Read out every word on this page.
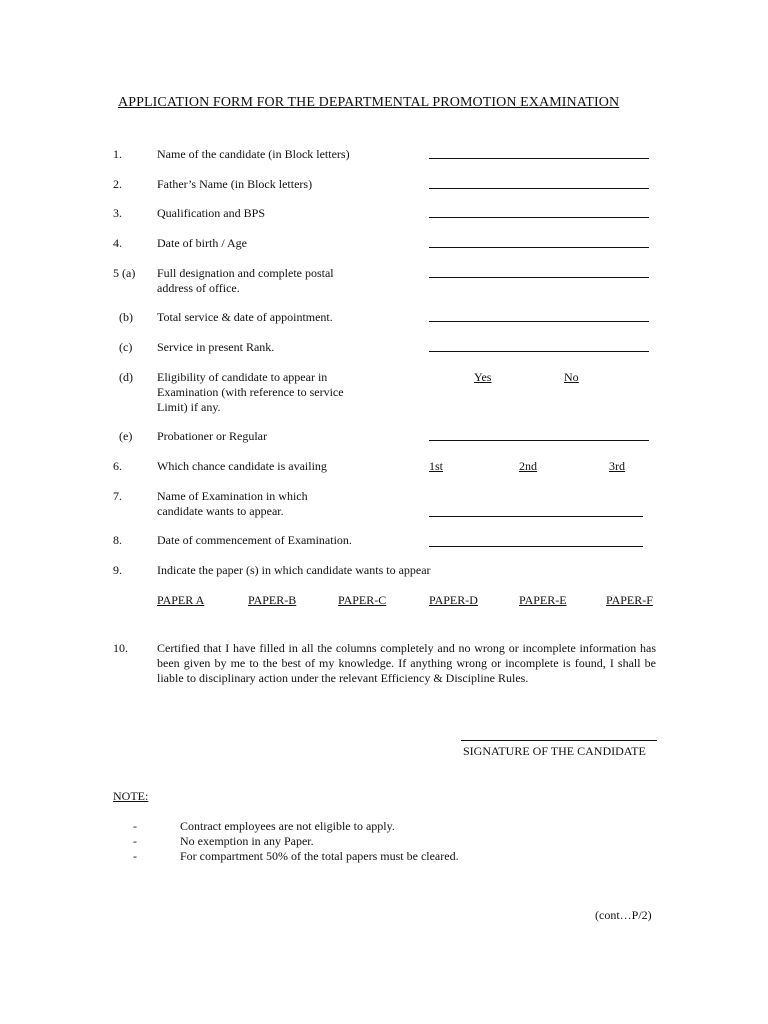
APPLICATION FORM FOR THE DEPARTMENTAL PROMOTION EXAMINATION
1.	Name of the candidate (in Block letters)
2.	Father’s Name (in Block letters)
3.	Qualification and BPS
4.	Date of birth / Age
5 (a) Full designation and complete postal
address of office.
(b) Total service & date of appointment.
(c) Service in present Rank.
(d) Eligibility of candidate to appear in
Examination (with reference to service
Limit) if any.
Yes	No
(e) Probationer or Regular
6.	Which chance candidate is availing	1st	2nd	3rd
7.	Name of Examination in which
candidate wants to appear.
8.	Date of commencement of Examination.
9.	Indicate the paper (s) in which candidate wants to appear
PAPER A	PAPER-B	PAPER-C	PAPER-D	PAPER-E	PAPER-F
10. Certified that I have filled in all the columns completely and no wrong or incomplete information has been given by me to the best of my knowledge. If anything wrong or incomplete is found, I shall be liable to disciplinary action under the relevant Efficiency & Discipline Rules.
SIGNATURE OF THE CANDIDATE
NOTE:
-	Contract employees are not eligible to apply.
-	No exemption in any Paper.
-	For compartment 50% of the total papers must be cleared.
(cont…P/2)
